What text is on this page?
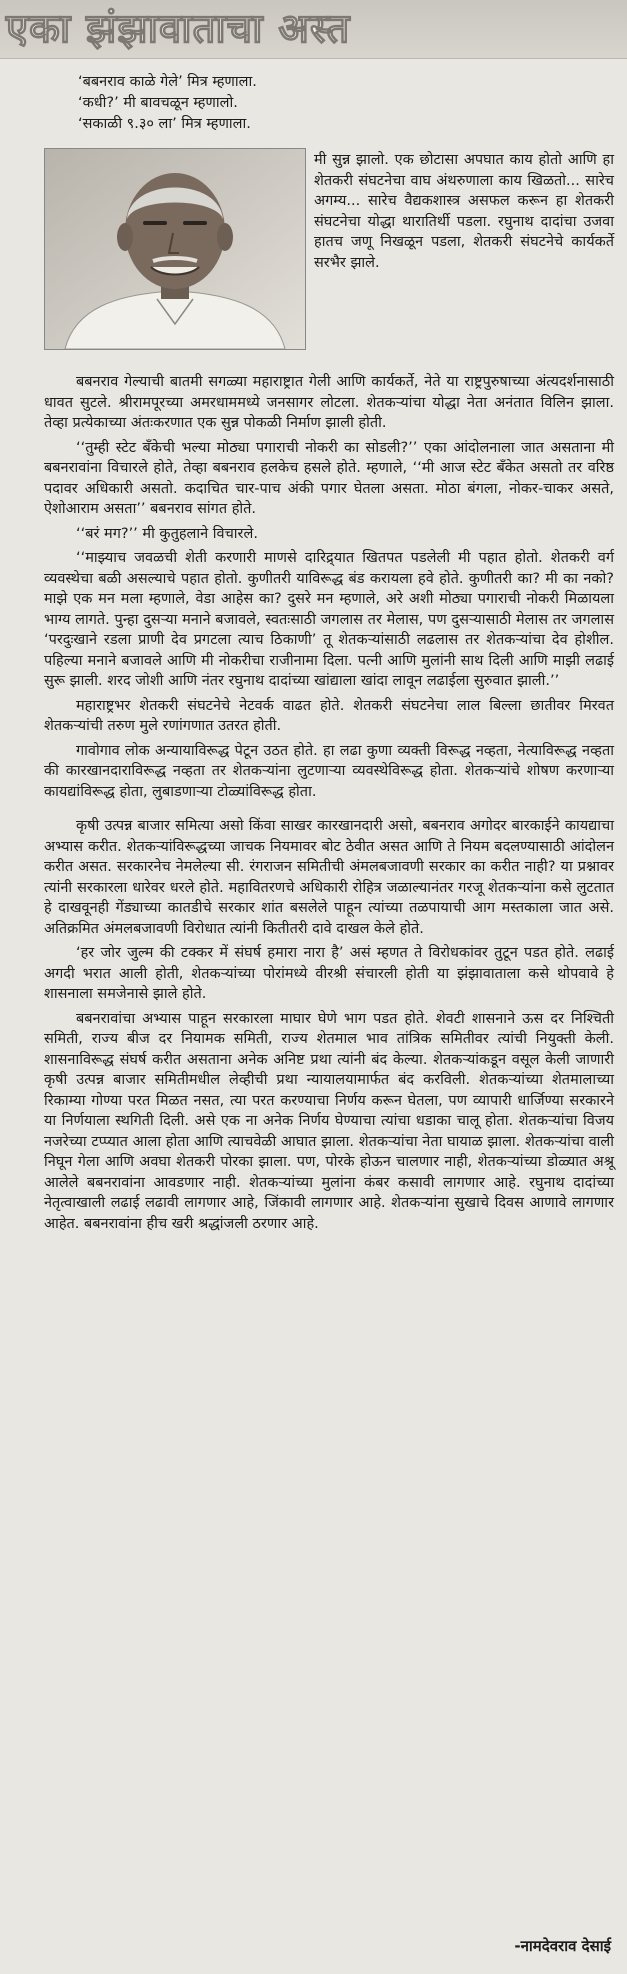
एका झंझावाताचा अस्त

‘बबनराव काळे गेले’ मित्र म्हणाला.

‘कधी?’ मी बावचळून म्हणालो.

‘सकाळी ९.३० ला’ मित्र म्हणाला.

मी सुन्न झालो. एक छोटासा अपघात काय होतो आणि हा शेतकरी संघटनेचा वाघ अंथरुणाला काय खिळतो... सारेच अगम्य... सारेच वैद्यकशास्त्र असफल करून हा शेतकरी संघटनेचा योद्धा थारातिर्थी पडला. रघुनाथ दादांचा उजवा हातच जणू निखळून पडला, शेतकरी संघटनेचे कार्यकर्ते सरभैर झाले.

बबनराव गेल्याची बातमी सगळ्या महाराष्ट्रात गेली आणि कार्यकर्ते, नेते या राष्ट्रपुरुषाच्या अंत्यदर्शनासाठी धावत सुटले. श्रीरामपूरच्या अमरधाममध्ये जनसागर लोटला. शेतकऱ्यांचा योद्धा नेता अनंतात विलिन झाला. तेव्हा प्रत्येकाच्या अंतःकरणात एक सुन्न पोकळी निर्माण झाली होती.

‘‘तुम्ही स्टेट बँकेची भल्या मोठ्या पगाराची नोकरी का सोडली?’’ एका आंदोलनाला जात असताना मी बबनरावांना विचारले होते, तेव्हा बबनराव हलकेच हसले होते. म्हणाले, ‘‘मी आज स्टेट बँकेत असतो तर वरिष्ठ पदावर अधिकारी असतो. कदाचित चार-पाच अंकी पगार घेतला असता. मोठा बंगला, नोकर-चाकर असते, ऐशोआराम असता’’ बबनराव सांगत होते.

‘‘बरं मग?’’ मी कुतुहलाने विचारले.

‘‘माझ्याच जवळची शेती करणारी माणसे दारिद्र्यात खितपत पडलेली मी पहात होतो. शेतकरी वर्ग व्यवस्थेचा बळी असल्याचे पहात होतो. कुणीतरी याविरूद्ध बंड करायला हवे होते. कुणीतरी का? मी का नको? माझे एक मन मला म्हणाले, वेडा आहेस का? दुसरे मन म्हणाले, अरे अशी मोठ्या पगाराची नोकरी मिळायला भाग्य लागते. पुन्हा दुसऱ्या मनाने बजावले, स्वतःसाठी जगलास तर मेलास, पण दुसऱ्यासाठी मेलास तर जगलास ‘परदुःखाने रडला प्राणी देव प्रगटला त्याच ठिकाणी’ तू शेतकऱ्यांसाठी लढलास तर शेतकऱ्यांचा देव होशील. पहिल्या मनाने बजावले आणि मी नोकरीचा राजीनामा दिला. पत्नी आणि मुलांनी साथ दिली आणि माझी लढाई सुरू झाली. शरद जोशी आणि नंतर रघुनाथ दादांच्या खांद्याला खांदा लावून लढाईला सुरुवात झाली.’’

महाराष्ट्रभर शेतकरी संघटनेचे नेटवर्क वाढत होते. शेतकरी संघटनेचा लाल बिल्ला छातीवर मिरवत शेतकऱ्यांची तरुण मुले रणांगणात उतरत होती.

गावोगाव लोक अन्यायाविरूद्ध पेटून उठत होते. हा लढा कुणा व्यक्ती विरूद्ध नव्हता, नेत्याविरूद्ध नव्हता की कारखानदाराविरूद्ध नव्हता तर शेतकऱ्यांना लुटणाऱ्या व्यवस्थेविरूद्ध होता. शेतकऱ्यांचे शोषण करणाऱ्या कायद्यांविरूद्ध होता, लुबाडणाऱ्या टोळ्यांविरूद्ध होता.

कृषी उत्पन्न बाजार समित्या असो किंवा साखर कारखानदारी असो, बबनराव अगोदर बारकाईने कायद्याचा अभ्यास करीत. शेतकऱ्यांविरूद्धच्या जाचक नियमावर बोट ठेवीत असत आणि ते नियम बदलण्यासाठी आंदोलन करीत असत. सरकारनेच नेमलेल्या सी. रंगराजन समितीची अंमलबजावणी सरकार का करीत नाही? या प्रश्नावर त्यांनी सरकारला धारेवर धरले होते. महावितरणचे अधिकारी रोहित्र जळाल्यानंतर गरजू शेतकऱ्यांना कसे लुटतात हे दाखवूनही गेंड्याच्या कातडीचे सरकार शांत बसलेले पाहून त्यांच्या तळपायाची आग मस्तकाला जात असे. अतिक्रमित अंमलबजावणी विरोधात त्यांनी कितीतरी दावे दाखल केले होते.

‘हर जोर जुल्म की टक्कर में संघर्ष हमारा नारा है’ असं म्हणत ते विरोधकांवर तुटून पडत होते. लढाई अगदी भरात आली होती, शेतकऱ्यांच्या पोरांमध्ये वीरश्री संचारली होती या झंझावाताला कसे थोपवावे हे शासनाला समजेनासे झाले होते.

बबनरावांचा अभ्यास पाहून सरकारला माघार घेणे भाग पडत होते. शेवटी शासनाने ऊस दर निश्चिती समिती, राज्य बीज दर नियामक समिती, राज्य शेतमाल भाव तांत्रिक समितीवर त्यांची नियुक्ती केली. शासनाविरूद्ध संघर्ष करीत असताना अनेक अनिष्ट प्रथा त्यांनी बंद केल्या. शेतकऱ्यांकडून वसूल केली जाणारी कृषी उत्पन्न बाजार समितीमधील लेव्हीची प्रथा न्यायालयामार्फत बंद करविली. शेतकऱ्यांच्या शेतमालाच्या रिकाम्या गोण्या परत मिळत नसत, त्या परत करण्याचा निर्णय करून घेतला, पण व्यापारी धार्जिण्या सरकारने या निर्णयाला स्थगिती दिली. असे एक ना अनेक निर्णय घेण्याचा त्यांचा धडाका चालू होता. शेतकऱ्यांचा विजय नजरेच्या टप्प्यात आला होता आणि त्याचवेळी आघात झाला. शेतकऱ्यांचा नेता घायाळ झाला. शेतकऱ्यांचा वाली निघून गेला आणि अवघा शेतकरी पोरका झाला. पण, पोरके होऊन चालणार नाही, शेतकऱ्यांच्या डोळ्यात अश्रू आलेले बबनरावांना आवडणार नाही. शेतकऱ्यांच्या मुलांना कंबर कसावी लागणार आहे. रघुनाथ दादांच्या नेतृत्वाखाली लढाई लढावी लागणार आहे, जिंकावी लागणार आहे. शेतकऱ्यांना सुखाचे दिवस आणावे लागणार आहेत. बबनरावांना हीच खरी श्रद्धांजली ठरणार आहे.

-नामदेवराव देसाई
